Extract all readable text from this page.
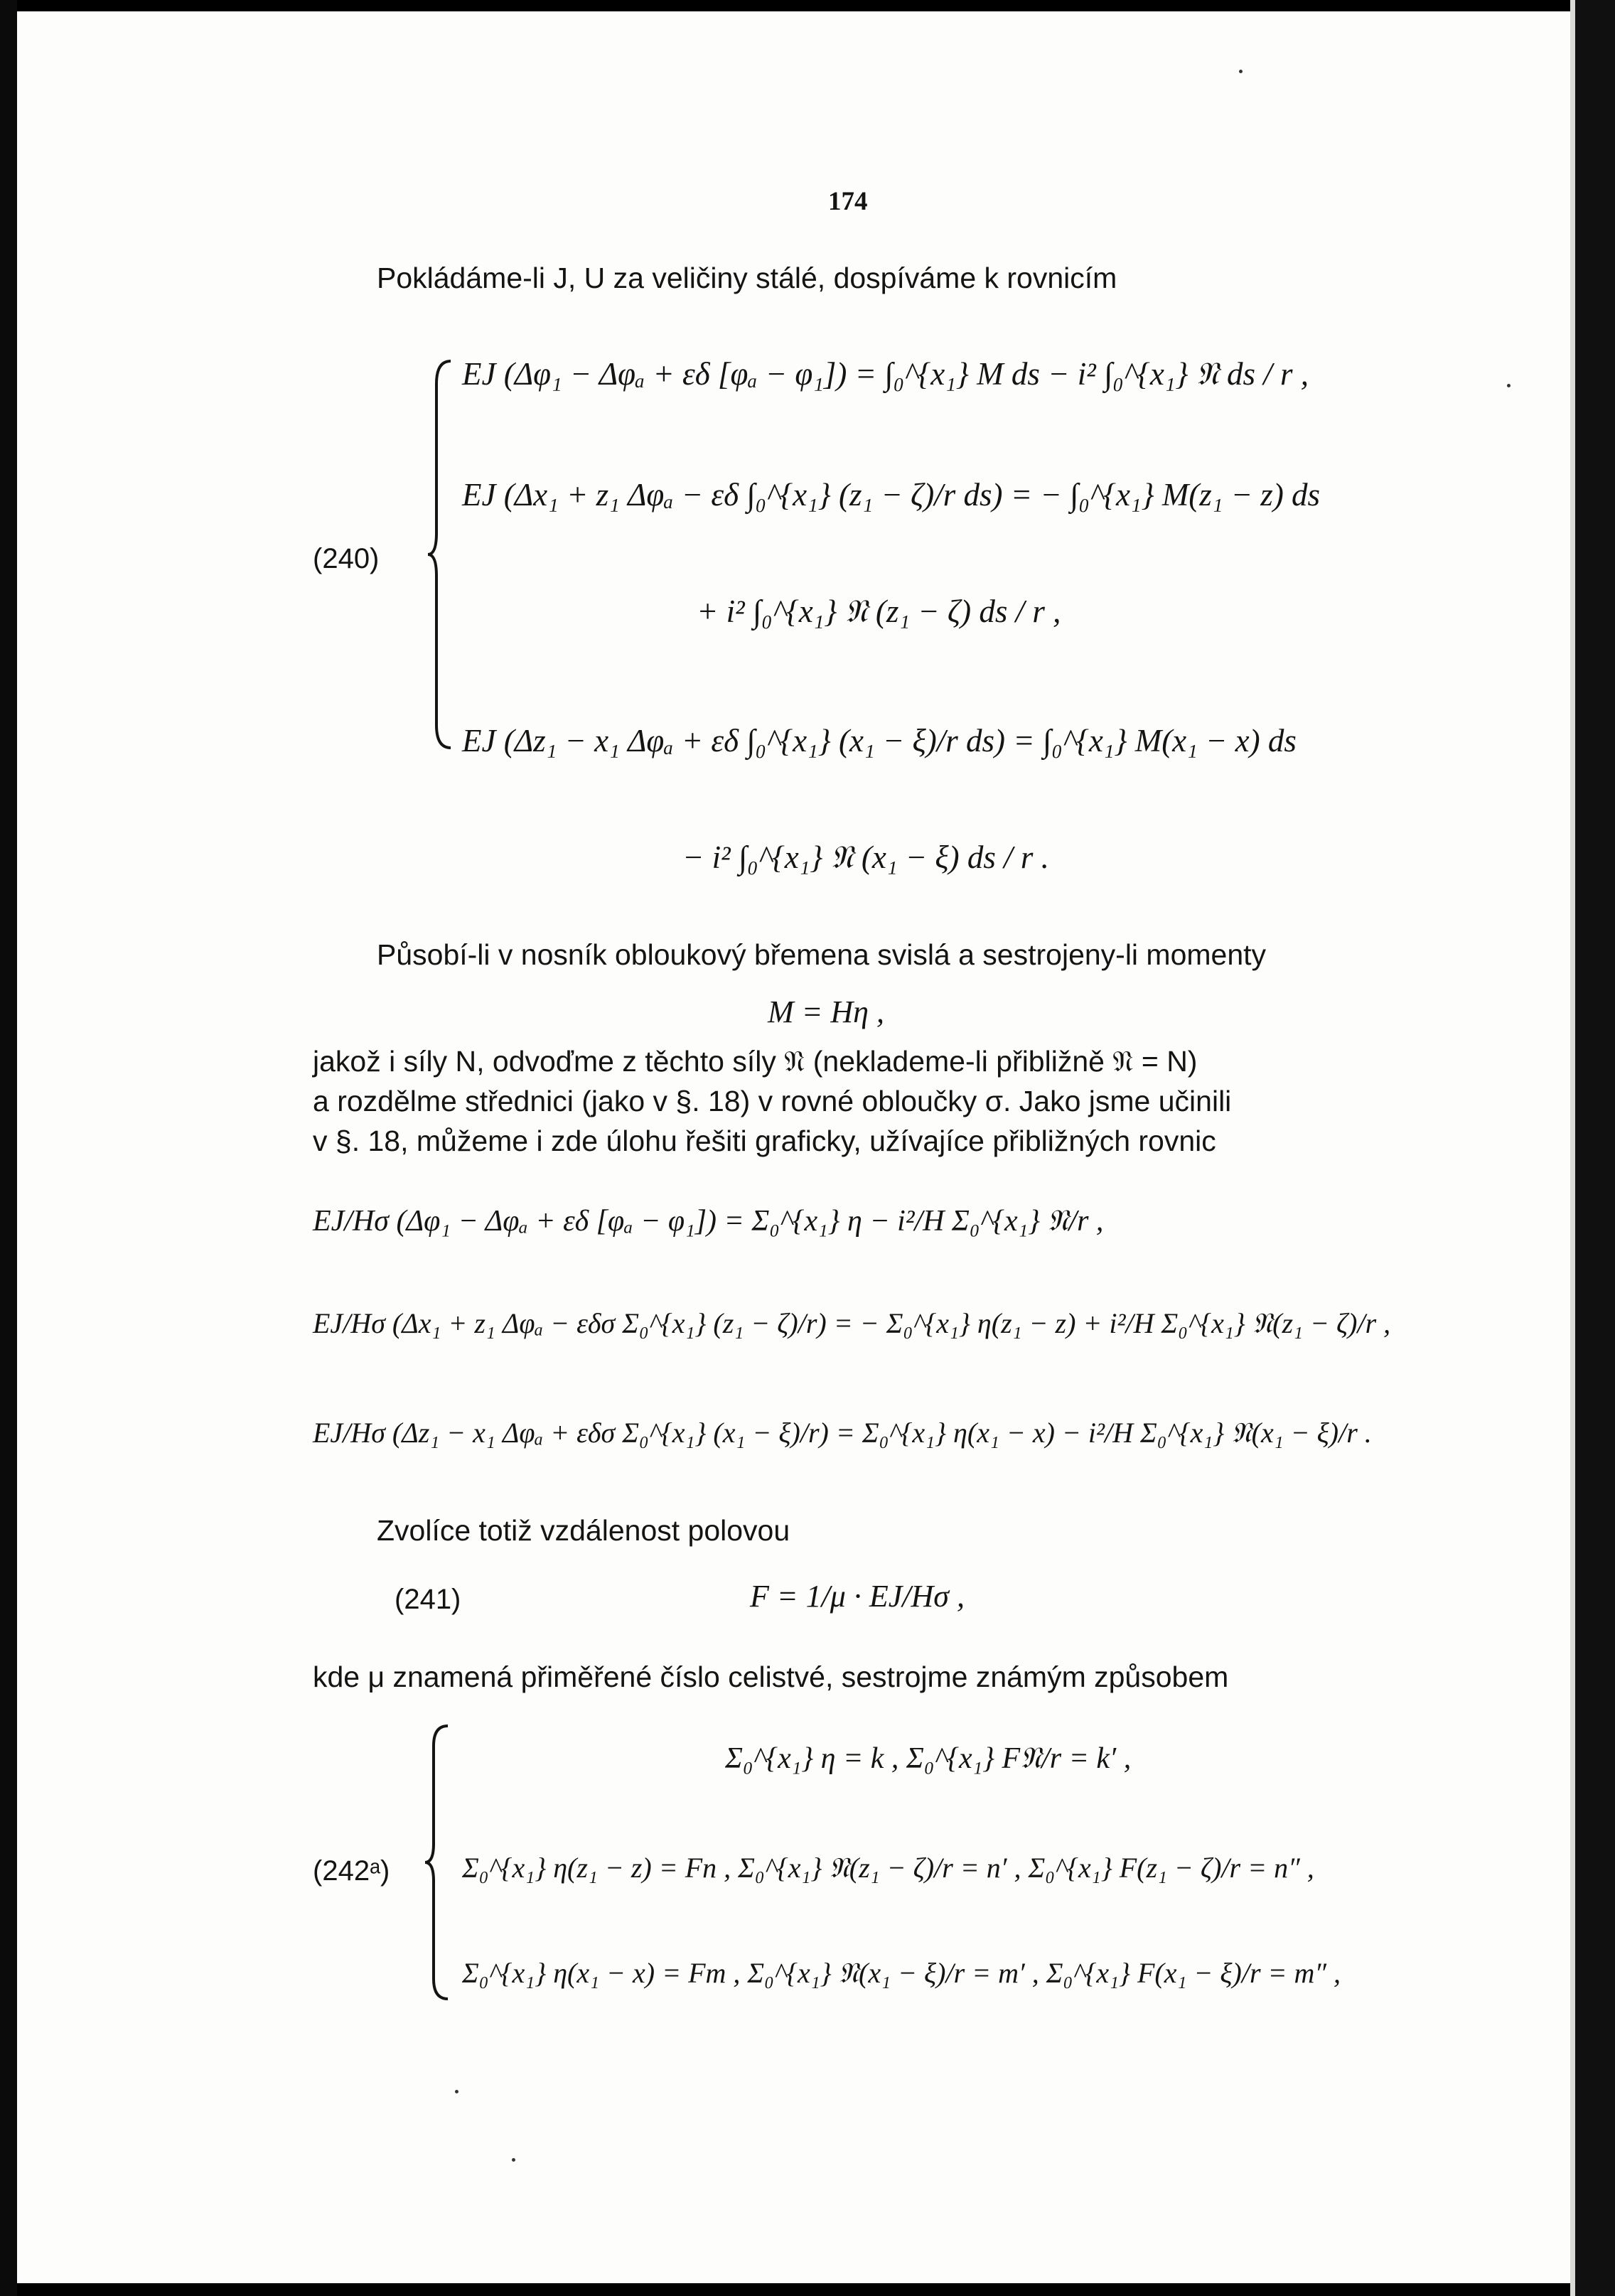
174
Pokládáme-li J, U za veličiny stálé, dospíváme k rovnicím
(240)
EJ (Δφ₁ − Δφₐ + εδ [φₐ − φ₁]) = ∫₀^{x₁} M ds − i² ∫₀^{x₁} 𝔑 ds / r ,
EJ (Δx₁ + z₁ Δφₐ − εδ ∫₀^{x₁} (z₁ − ζ)/r ds) = − ∫₀^{x₁} M(z₁ − z) ds
+ i² ∫₀^{x₁} 𝔑 (z₁ − ζ) ds / r ,
EJ (Δz₁ − x₁ Δφₐ + εδ ∫₀^{x₁} (x₁ − ξ)/r ds) = ∫₀^{x₁} M(x₁ − x) ds
− i² ∫₀^{x₁} 𝔑 (x₁ − ξ) ds / r .
Působí-li v nosník obloukový břemena svislá a sestrojeny-li momenty
M = Hη ,
jakož i síly N, odvoďme z těchto síly 𝔑 (neklademe-li přibližně 𝔑 = N)
a rozdělme střednici (jako v §. 18) v rovné obloučky σ. Jako jsme učinili
v §. 18, můžeme i zde úlohu řešiti graficky, užívajíce přibližných rovnic
EJ/Hσ (Δφ₁ − Δφₐ + εδ [φₐ − φ₁]) = Σ₀^{x₁} η − i²/H Σ₀^{x₁} 𝔑/r ,
EJ/Hσ (Δx₁ + z₁ Δφₐ − εδσ Σ₀^{x₁} (z₁ − ζ)/r) = − Σ₀^{x₁} η(z₁ − z) + i²/H Σ₀^{x₁} 𝔑(z₁ − ζ)/r ,
EJ/Hσ (Δz₁ − x₁ Δφₐ + εδσ Σ₀^{x₁} (x₁ − ξ)/r) = Σ₀^{x₁} η(x₁ − x) − i²/H Σ₀^{x₁} 𝔑(x₁ − ξ)/r .
Zvolíce totiž vzdálenost polovou
(241)	F = 1/μ · EJ/Hσ ,
kde μ znamená přiměřené číslo celistvé, sestrojme známým způsobem
(242ᵃ)
Σ₀^{x₁} η = k , Σ₀^{x₁} F𝔑/r = k′ ,
Σ₀^{x₁} η(z₁ − z) = Fn , Σ₀^{x₁} 𝔑(z₁ − ζ)/r = n′ , Σ₀^{x₁} F(z₁ − ζ)/r = n″ ,
Σ₀^{x₁} η(x₁ − x) = Fm , Σ₀^{x₁} 𝔑(x₁ − ξ)/r = m′ , Σ₀^{x₁} F(x₁ − ξ)/r = m″ ,
